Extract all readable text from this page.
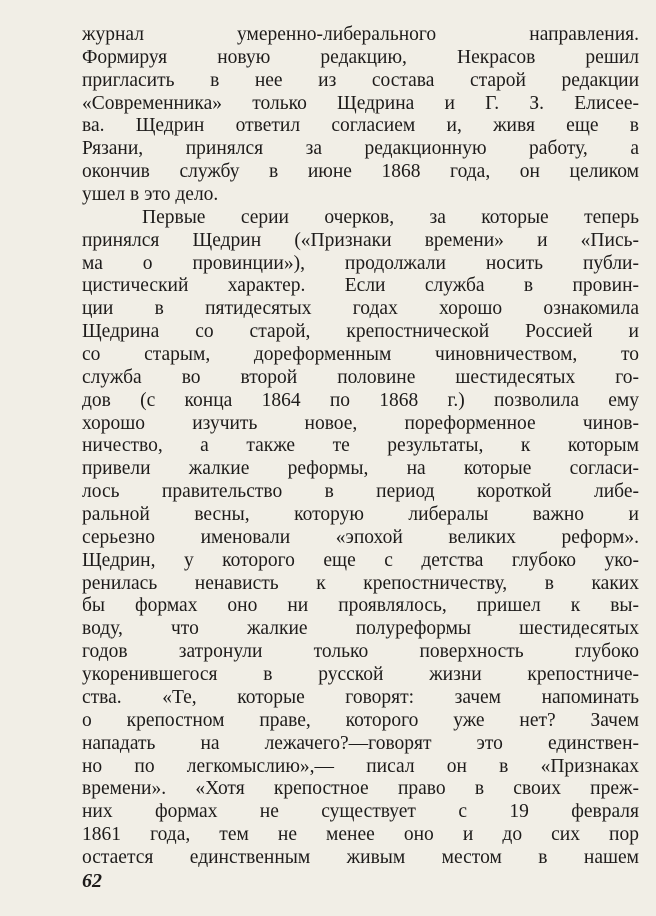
журнал умеренно-либерального направления.
Формируя новую редакцию, Некрасов решил
пригласить в нее из состава старой редакции
«Современника» только Щедрина и Г. З. Елисее-
ва. Щедрин ответил согласием и, живя еще в
Рязани, принялся за редакционную работу, а
окончив службу в июне 1868 года, он целиком
ушел в это дело.
Первые серии очерков, за которые теперь
принялся Щедрин («Признаки времени» и «Пись-
ма о провинции»), продолжали носить публи-
цистический характер. Если служба в провин-
ции в пятидесятых годах хорошо ознакомила
Щедрина со старой, крепостнической Россией и
со старым, дореформенным чиновничеством, то
служба во второй половине шестидесятых го-
дов (с конца 1864 по 1868 г.) позволила ему
хорошо изучить новое, пореформенное чинов-
ничество, а также те результаты, к которым
привели жалкие реформы, на которые согласи-
лось правительство в период короткой либе-
ральной весны, которую либералы важно и
серьезно именовали «эпохой великих реформ».
Щедрин, у которого еще с детства глубоко уко-
ренилась ненависть к крепостничеству, в каких
бы формах оно ни проявлялось, пришел к вы-
воду, что жалкие полуреформы шестидесятых
годов затронули только поверхность глубоко
укоренившегося в русской жизни крепостниче-
ства. «Те, которые говорят: зачем напоминать
о крепостном праве, которого уже нет? Зачем
нападать на лежачего?—говорят это единствен-
но по легкомыслию»,— писал он в «Признаках
времени». «Хотя крепостное право в своих преж-
них формах не существует с 19 февраля
1861 года, тем не менее оно и до сих пор
остается единственным живым местом в нашем
62
